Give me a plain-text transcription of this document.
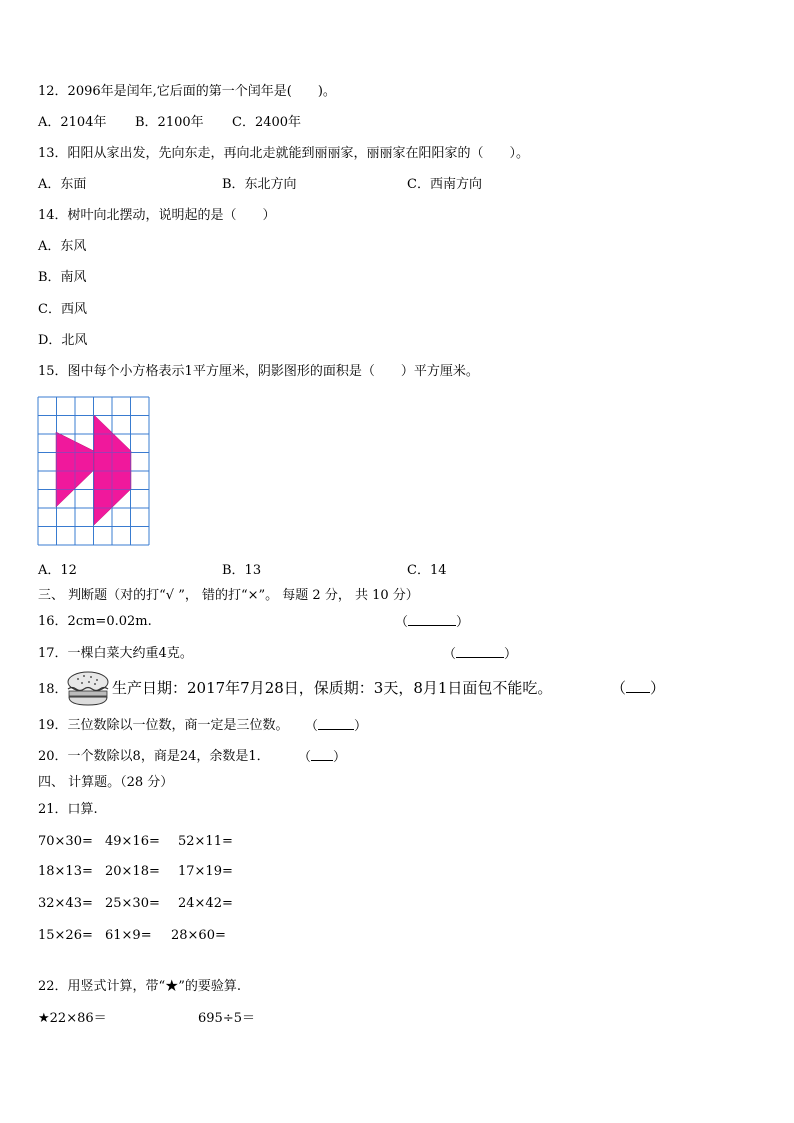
12．2096年是闰年,它后面的第一个闰年是(　　)。
A．2104年 B．2100年 C．2400年
13．阳阳从家出发，先向东走，再向北走就能到丽丽家，丽丽家在阳阳家的（　　）。
A．东面	B．东北方向	C．西南方向
14．树叶向北摆动，说明起的是（　　）
A．东风
B．南风
C．西风
D．北风
15．图中每个小方格表示1平方厘米，阴影图形的面积是（　　）平方厘米。
A．12	B．13	C．14
三、 判断题（对的打“√ ”， 错的打“×”。 每题 2 分， 共 10 分）
16．2cm=0.02m.	（	）
17．一棵白菜大约重4克。	（	）
18．	生产日期：2017年7月28日，保质期：3天，8月1日面包不能吃。	（ ）
19．三位数除以一位数，商一定是三位数。 （	）
20．一个数除以8，商是24，余数是1． （ ）
四、 计算题。（28 分）
21．口算.
70×30= 49×16= 52×11=
18×13= 20×18= 17×19=
32×43= 25×30= 24×42=
15×26= 61×9= 28×60=
22．用竖式计算，带“★”的要验算.
★22×86＝	695÷5＝
